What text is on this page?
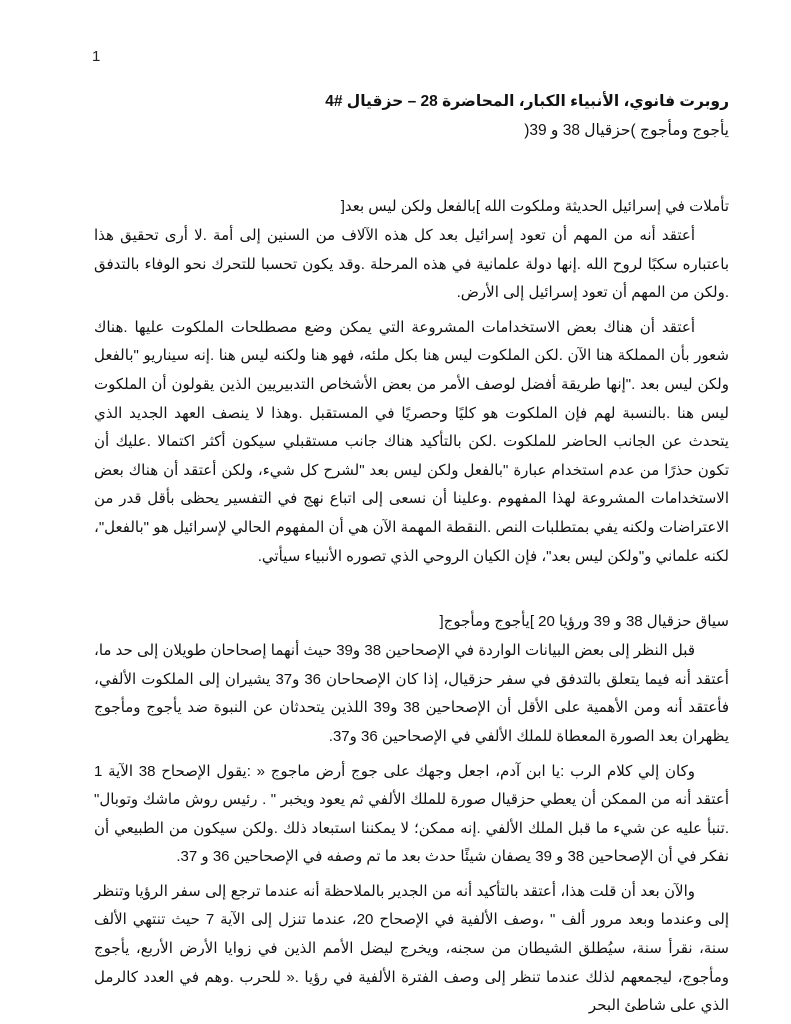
1

روبرت فانوي، الأنبياء الكبار، المحاضرة 28 – حزقيال #4

يأجوج ومأجوج )حزقيال 38 و 39(

تأملات في إسرائيل الحديثة وملكوت الله ]بالفعل ولكن ليس بعد[

أعتقد أنه من المهم أن تعود إسرائيل بعد كل هذه الآلاف من السنين إلى أمة .لا أرى تحقيق هذا باعتباره سكبًا لروح الله .إنها دولة علمانية في هذه المرحلة .وقد يكون تحسبا للتحرك نحو الوفاء بالتدفق .ولكن من المهم أن تعود إسرائيل إلى الأرض.

أعتقد أن هناك بعض الاستخدامات المشروعة التي يمكن وضع مصطلحات الملكوت عليها .هناك شعور بأن المملكة هنا الآن .لكن الملكوت ليس هنا بكل ملئه، فهو هنا ولكنه ليس هنا .إنه سيناريو "بالفعل ولكن ليس بعد ."إنها طريقة أفضل لوصف الأمر من بعض الأشخاص التدبيريين الذين يقولون أن الملكوت ليس هنا .بالنسبة لهم فإن الملكوت هو كليًا وحصريًا في المستقبل .وهذا لا ينصف العهد الجديد الذي يتحدث عن الجانب الحاضر للملكوت .لكن بالتأكيد هناك جانب مستقبلي سيكون أكثر اكتمالا .عليك أن تكون حذرًا من عدم استخدام عبارة "بالفعل ولكن ليس بعد "لشرح كل شيء، ولكن أعتقد أن هناك بعض الاستخدامات المشروعة لهذا المفهوم .وعلينا أن نسعى إلى اتباع نهج في التفسير يحظى بأقل قدر من الاعتراضات ولكنه يفي بمتطلبات النص .النقطة المهمة الآن هي أن المفهوم الحالي لإسرائيل هو "بالفعل"، لكنه علماني و"ولكن ليس بعد"، فإن الكيان الروحي الذي تصوره الأنبياء سيأتي.

سياق حزقيال 38 و 39 ورؤيا 20 ]يأجوج ومأجوج[

قبل النظر إلى بعض البيانات الواردة في الإصحاحين 38 و39 حيث أنهما إصحاحان طويلان إلى حد ما، أعتقد أنه فيما يتعلق بالتدفق في سفر حزقيال، إذا كان الإصحاحان 36 و37 يشيران إلى الملكوت الألفي، فأعتقد أنه ومن الأهمية على الأقل أن الإصحاحين 38 و39 اللذين يتحدثان عن النبوة ضد يأجوج ومأجوج يظهران بعد الصورة المعطاة للملك الألفي في الإصحاحين 36 و37.

وكان إلي كلام الرب :يا ابن آدم، اجعل وجهك على جوج أرض ماجوج « :يقول الإصحاح 38 الآية 1 أعتقد أنه من الممكن أن يعطي حزقيال صورة للملك الألفي ثم يعود ويخبر " . رئيس روش ماشك وتوبال" .تنبأ عليه عن شيء ما قبل الملك الألفي .إنه ممكن؛ لا يمكننا استبعاد ذلك .ولكن سيكون من الطبيعي أن نفكر في أن الإصحاحين 38 و 39 يصفان شيئًا حدث بعد ما تم وصفه في الإصحاحين 36 و 37.

والآن بعد أن قلت هذا، أعتقد بالتأكيد أنه من الجدير بالملاحظة أنه عندما ترجع إلى سفر الرؤيا وتنظر إلى وعندما وبعد مرور ألف " ،وصف الألفية في الإصحاح 20، عندما تنزل إلى الآية 7 حيث تنتهي الألف سنة، نقرأ سنة، سيُطلق الشيطان من سجنه، ويخرج ليضل الأمم الذين في زوايا الأرض الأربع، يأجوج ومأجوج، ليجمعهم لذلك عندما تنظر إلى وصف الفترة الألفية في رؤيا .« للحرب .وهم في العدد كالرمل الذي على شاطئ البحر
